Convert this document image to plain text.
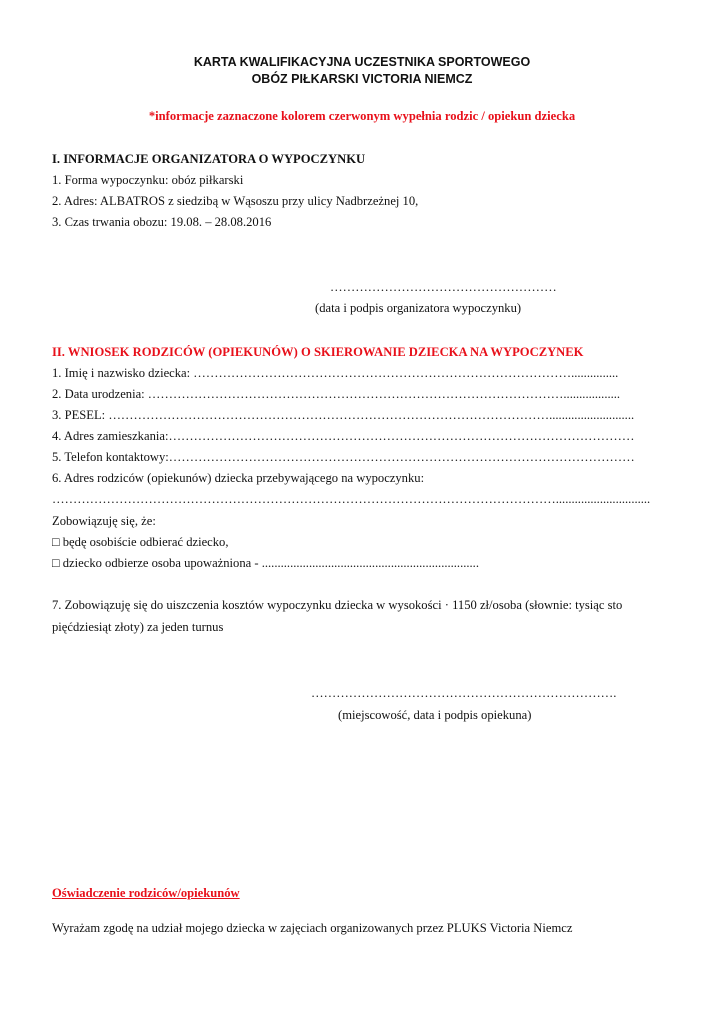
KARTA KWALIFIKACYJNA UCZESTNIKA SPORTOWEGO
OBÓZ PIŁKARSKI VICTORIA NIEMCZ
*informacje zaznaczone kolorem czerwonym wypełnia rodzic / opiekun dziecka
I. INFORMACJE ORGANIZATORA O WYPOCZYNKU
1. Forma wypoczynku: obóz piłkarski
2. Adres: ALBATROS z siedzibą w Wąsoszu przy ulicy Nadbrzeżnej 10,
3. Czas trwania obozu: 19.08. – 28.08.2016
………………………………………………
(data i podpis organizatora wypoczynku)
II. WNIOSEK RODZICÓW (OPIEKUNÓW) O SKIEROWANIE DZIECKA NA WYPOCZYNEK
1. Imię i nazwisko dziecka: ………………………………………………………………………………...............
2. Data urodzenia: ………………………………………………………………………………………..................
3. PESEL: ……………………………………………………………………………………………...........................
4. Adres zamieszkania:…………………………………………………………………………………………………
5. Telefon kontaktowy:…………………………………………………………………………………………………
6. Adres rodziców (opiekunów) dziecka przebywającego na wypoczynku:
…………………………………………………………………………………………………………..............................
Zobowiązuję się, że:
□ będę osobiście odbierać dziecko,
□ dziecko odbierze osoba upoważniona - .....................................................................
7. Zobowiązuję się do uiszczenia kosztów wypoczynku dziecka w wysokości · 1150 zł/osoba (słownie: tysiąc sto
pięćdziesiąt złoty) za jeden turnus
……………………………………………………………….
(miejscowość, data i podpis opiekuna)
Oświadczenie rodziców/opiekunów
Wyrażam zgodę na udział mojego dziecka w zajęciach organizowanych przez PLUKS Victoria Niemcz
